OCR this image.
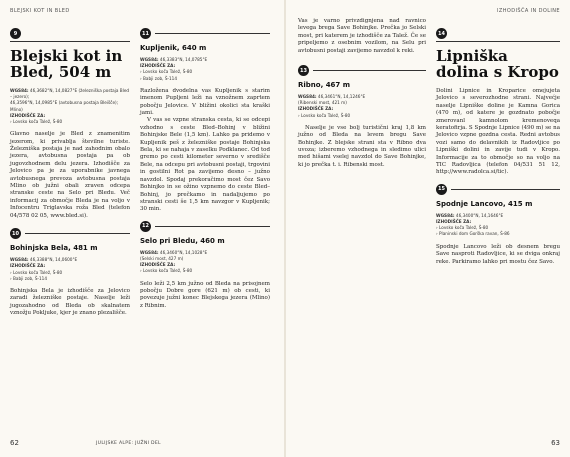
BLEJSKI KOT IN BLED
9
Blejski kot in Bled, 504 m
WGS84: 46,3682°N, 14,0827°E (železniška postaja Bled – jezero);
46,3596°N, 14,0985°E (avtobusna postaja Bleišče);
Mlino)
IZHODIŠČE ZA:
› Lovsko koča Talež, Š-80

Glavno naselje je Bled z znamenitim jezerom, ki privablja številne turiste. Železniška postaja je nad zahodnim obalo jezera, avtobusna postaja pa ob jugovzhodnem delu jezera. Izhodišče za Jelovico pa je za uporabnike javnega avtobusnega prevoza avtobusna postaja Mlino ob južni obali zraven odcepa stranske ceste na Selo pri Bledu. Več informacij za območje Bleda je na voljo v Infocentru Triglavska roža Bled (telefon 04/578 02 05, www.bled.si).

10
Bohinjska Bela, 481 m
WGS84: 46,3388°N, 14,0600°E
IZHODIŠČE ZA:
› Lovsko koča Talež, Š-80
› Babji zob, Š-114

Bohinjska Bela je izhodišče za Jelovico zaradi železniške postaje. Naselje leži jugozahodno od Bleda ob skalnatem vznožju Pokljuke, kjer je znano plezališče.

11
Kupljenik, 640 m
WGS84: 46,3383°N, 14,0785°E
IZHODIŠČE ZA:
› Lovsko koča Talež, Š-80
› Babji zob, Š-114

Razložena dvodelna vas Kupljenik s starim imenom Pupljeni leži na vznožnem zaprtem pobočju Jelovice. V bližini okolici sta kraški jami.

V vas se vzpne stranska cesta, ki se odcepi vzhodno s ceste Bled–Bohinj v bližini Bohinjske Bele (1,5 km). Lahko pa pridemo v Kupljenik peš z železniške postaje Bohinjska Bela, ki se nahaja v zaselku Podklanec. Od tod gremo po cesti kilometer severno v središče Bele, na odcepu pri avtobusni postaji, trgovini in gostilni Rot pa zavijemo desno – južno navzdol. Spodaj prekoračimo most čez Savo Bohinjko in se ožino vzpnemo do ceste Bled–Bohinj, jo prečkamo in nadaljujemo po stranski cesti še 1,5 km navzgor v Kupljenik; 30 min.

12
Selo pri Bledu, 460 m
WGS84: 46,3460°N, 14,1028°E
(Selski most, 427 m)
IZHODIŠČE ZA:
› Lovsko koča Talež, Š-80

Selo leži 2,5 km južno od Bleda na prisojnem pobočju Dobre gore (621 m) ob cesti, ki povezuje južni konec Blejskega jezera (Mlino) z Ribnim.

62	JULIJSKE ALPE: JUŽNI DEL
IZHODIŠČA IN DOLINE

Vas je varno privzdignjena nad ravnico levega brega Save Bohinjke. Prečka jo Selski most, pri katerem je izhodišče za Talež. Če se pripeljemo z osebnim vozilom, na Selu pri avtobusni postaji zavijemo navzdol k reki.

13
Ribno, 467 m
WGS84: 46,3461°N, 14,1246°E
(Ribenski most, 421 m)
IZHODIŠČE ZA:
› Lovsko koča Talež, Š-80

Naselje je vse bolj turistični kraj 1,8 km južno od Bleda na levem bregu Save Bohinjke. Z blejske strani sta v Ribno dva uvoza; izberemo vzhodnega in sledimo ulici med hišami vselej navzdol do Save Bohinjke, ki jo prečka t. i. Ribenski most.

14
Lipniška dolina s Kropo

Dolini Lipnice in Kroparice omejujeta Jelovico s severozhodne strani. Najvećje naselje Lipniške doline je Kamna Gorica (470 m), od katere je gozdnato pobočje zmerovanl kamnolom kremenoveqa keratofirja. S Spodnje Lipnice (490 m) se na Jelovico vzpne gozdna cesta. Redni avtobus vozi samo do delavnikih iz Radovljice po Lipniški dolini in zavije tudi v Kropo. Informacije za to območje so na voljo na TIC Radovljica (telefon 04/531 51 12, http://www.radolca.si/tic).

15
Spodnje Lancovo, 415 m
WGS84: 46,3400°N, 14,1646°E
IZHODIŠČE ZA:
› Lovsko koča Talež, Š-80
› Planinski dom Gorška ravan, Š-86

Spodnje Lancovo leži ob desnem bregu Save nasproti Radovljice, ki se dviga onkraj reke. Parkiramo lahko pri mostu čez Savo.

63
